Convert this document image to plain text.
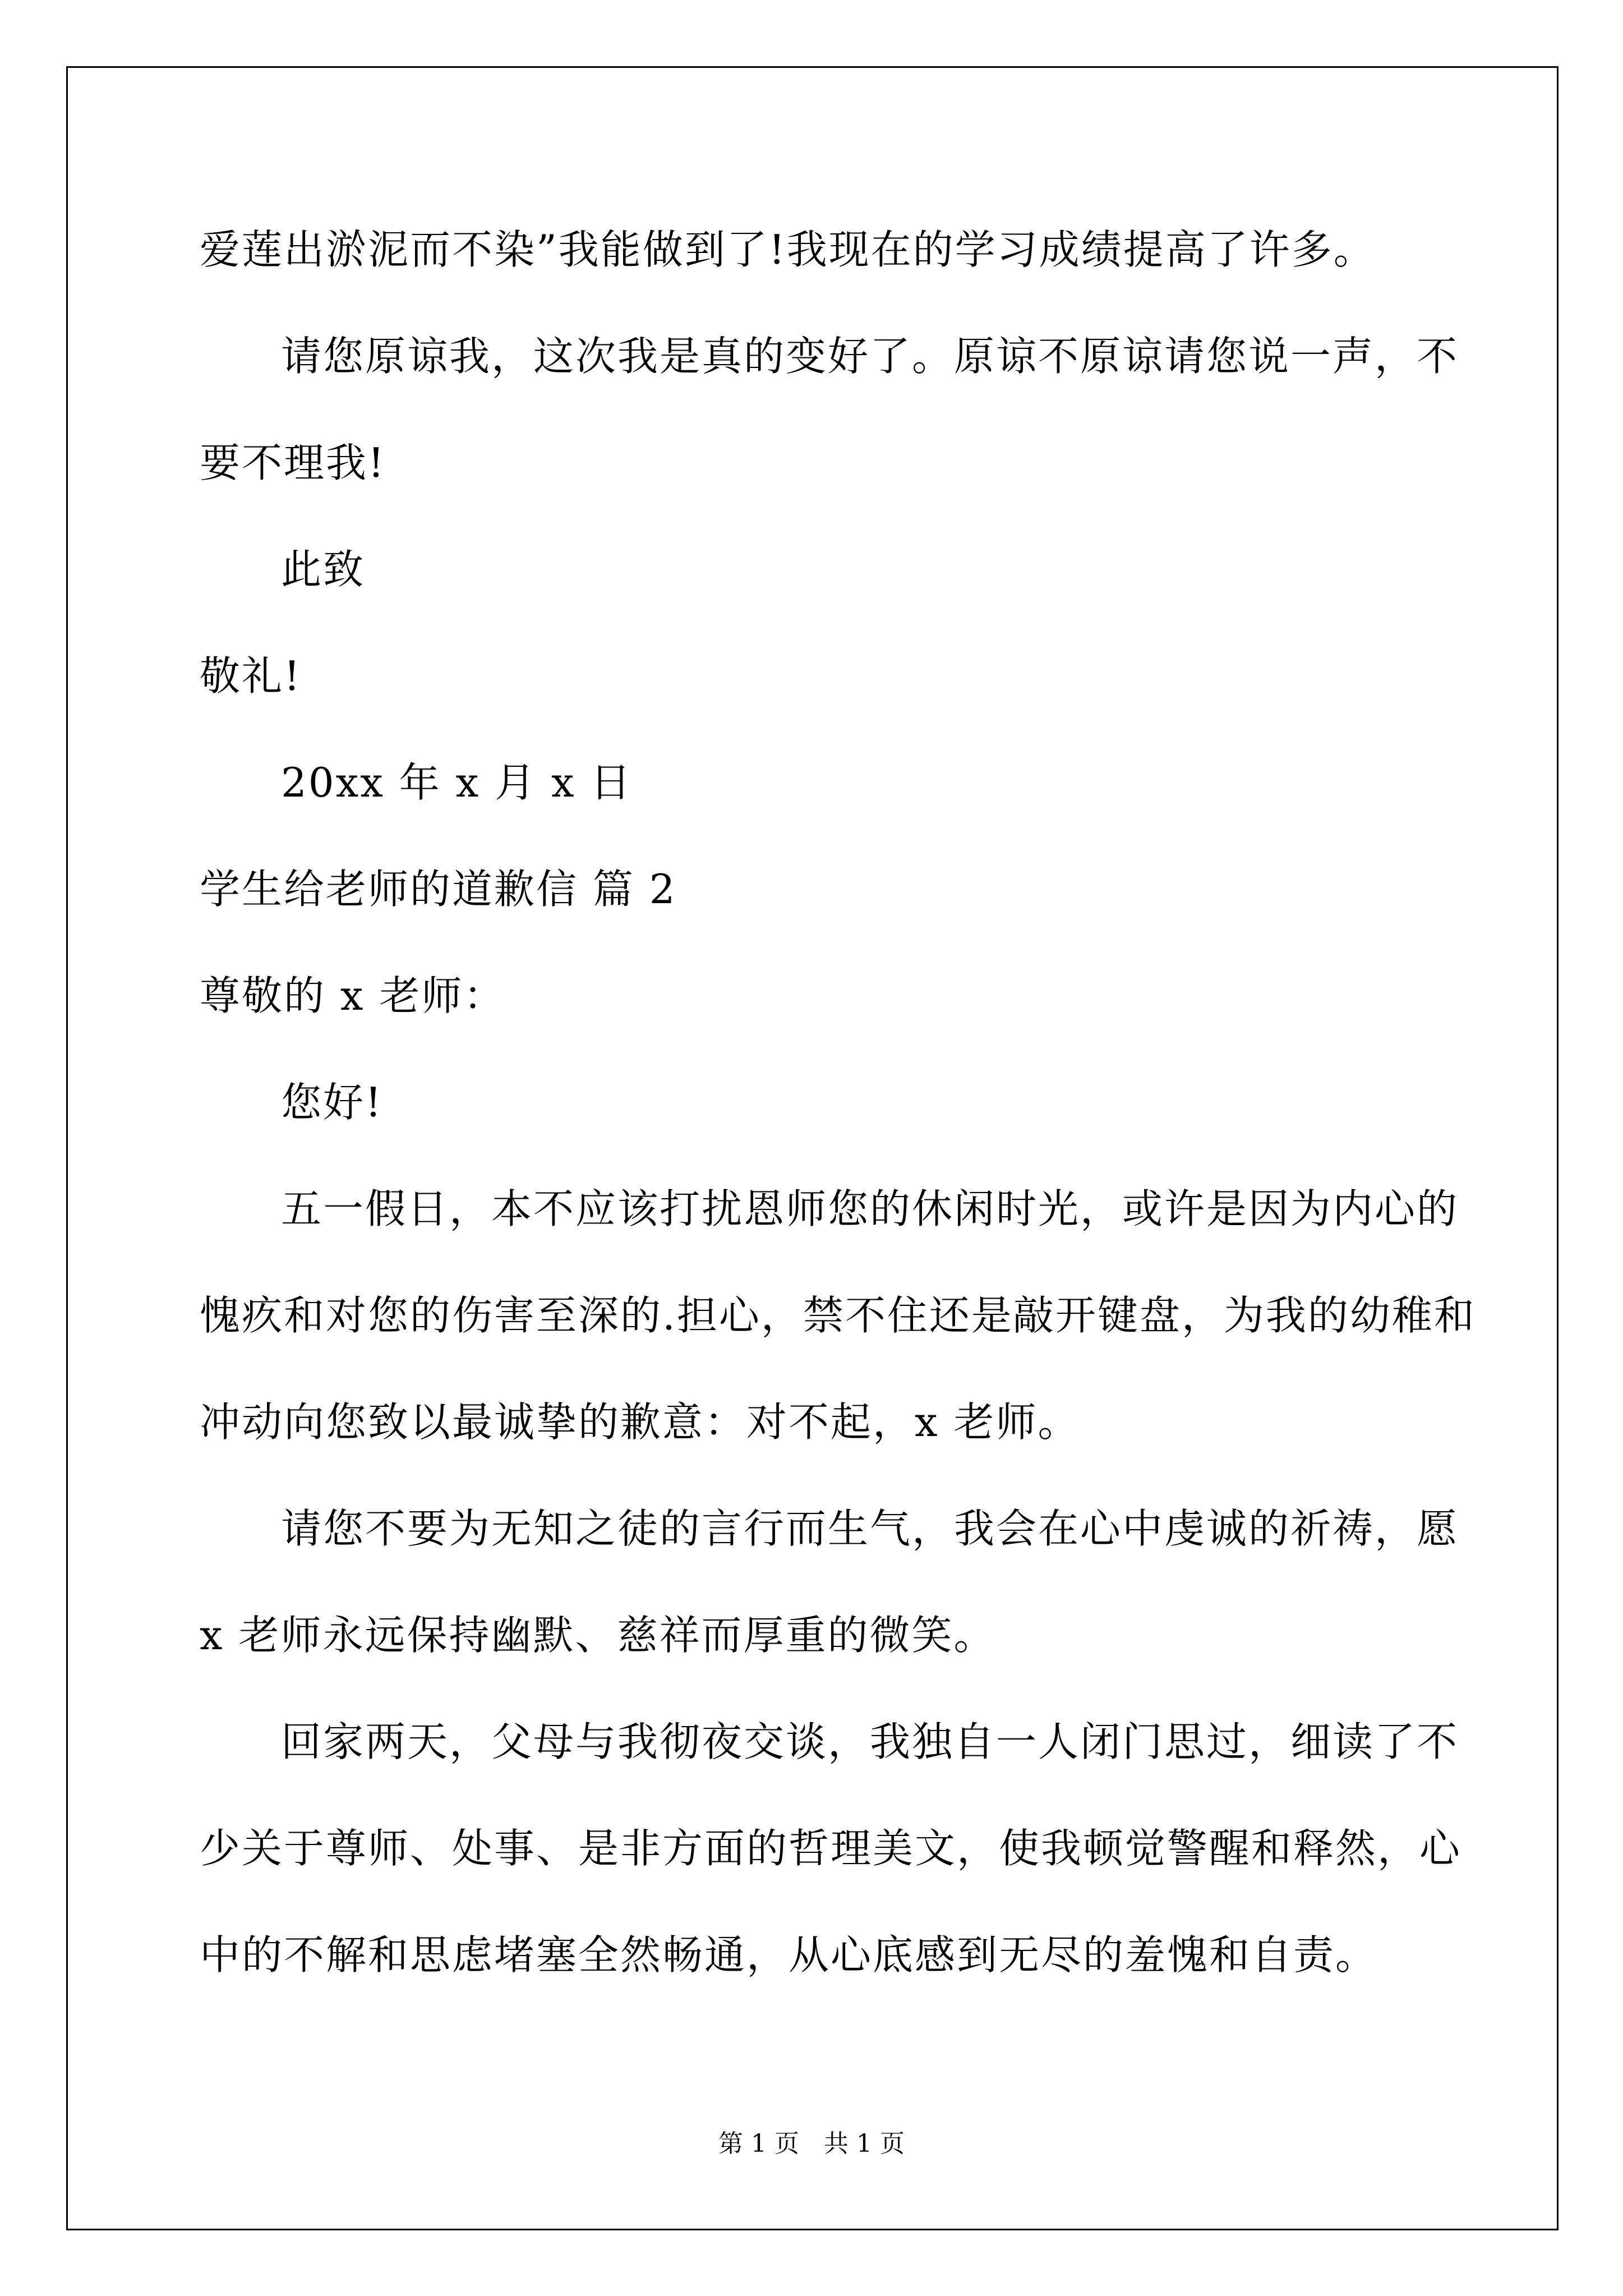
爱莲出淤泥而不染”我能做到了!我现在的学习成绩提高了许多。

请您原谅我，这次我是真的变好了。原谅不原谅请您说一声，不

要不理我!

此致

敬礼!

20xx 年 x 月 x 日

学生给老师的道歉信 篇 2

尊敬的 x 老师：

您好!

五一假日，本不应该打扰恩师您的休闲时光，或许是因为内心的

愧疚和对您的伤害至深的.担心，禁不住还是敲开键盘，为我的幼稚和

冲动向您致以最诚挚的歉意：对不起，x 老师。

请您不要为无知之徒的言行而生气，我会在心中虔诚的祈祷，愿

x 老师永远保持幽默、慈祥而厚重的微笑。

回家两天，父母与我彻夜交谈，我独自一人闭门思过，细读了不

少关于尊师、处事、是非方面的哲理美文，使我顿觉警醒和释然，心

中的不解和思虑堵塞全然畅通，从心底感到无尽的羞愧和自责。

第 1 页　共 1 页
